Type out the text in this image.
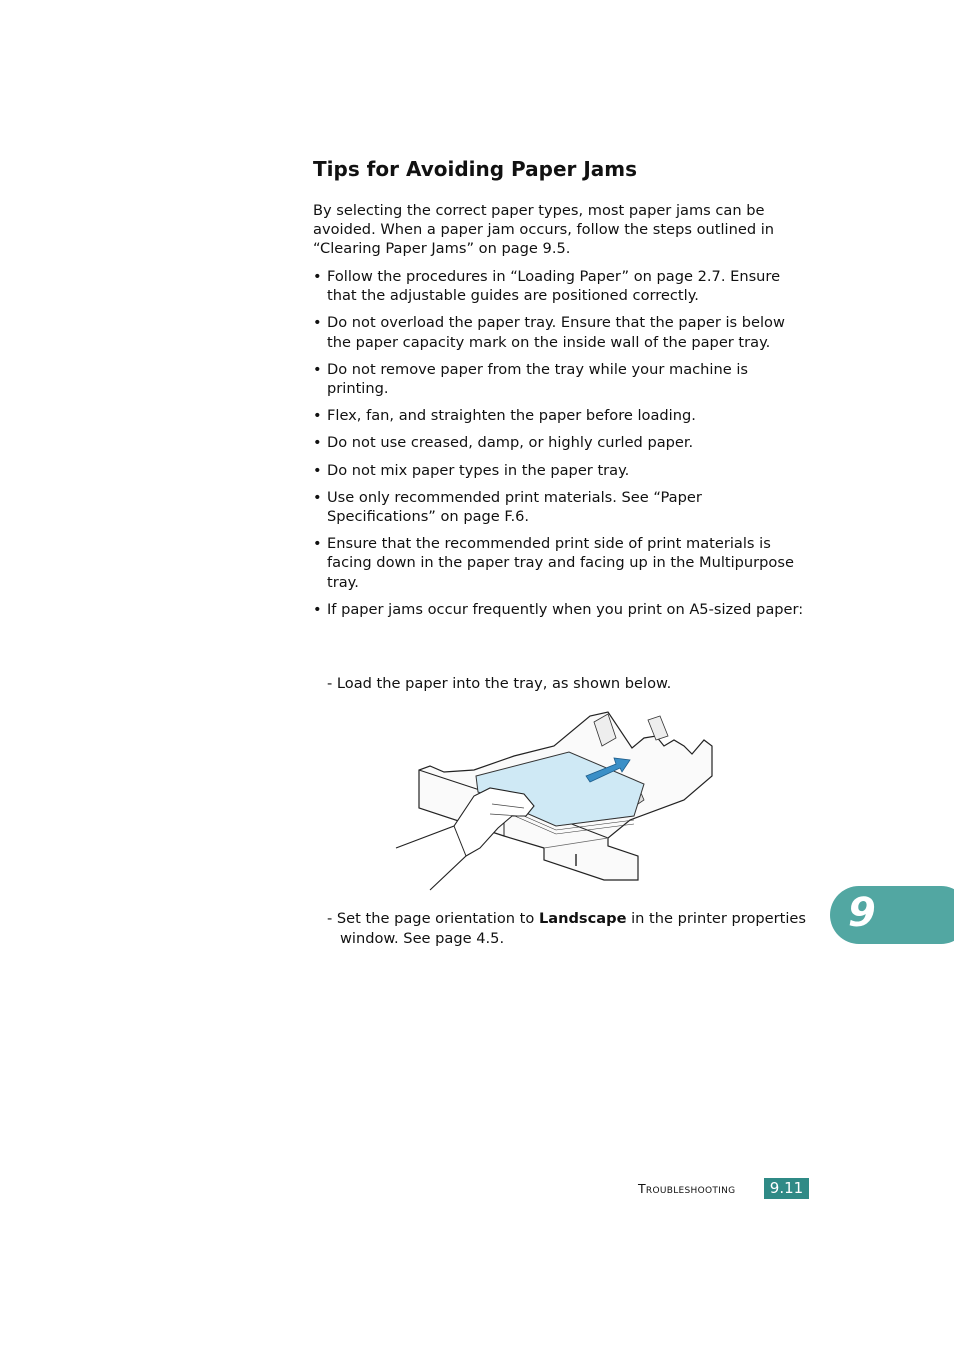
Tips for Avoiding Paper Jams

By selecting the correct paper types, most paper jams can be avoided. When a paper jam occurs, follow the steps outlined in “Clearing Paper Jams” on page 9.5.

• Follow the procedures in “Loading Paper” on page 2.7. Ensure that the adjustable guides are positioned correctly.
• Do not overload the paper tray. Ensure that the paper is below the paper capacity mark on the inside wall of the paper tray.
• Do not remove paper from the tray while your machine is printing.
• Flex, fan, and straighten the paper before loading.
• Do not use creased, damp, or highly curled paper.
• Do not mix paper types in the paper tray.
• Use only recommended print materials. See “Paper Specifications” on page F.6.
• Ensure that the recommended print side of print materials is facing down in the paper tray and facing up in the Multipurpose tray.
• If paper jams occur frequently when you print on A5-sized paper:

- Load the paper into the tray, as shown below.

- Set the page orientation to Landscape in the printer properties window. See page 4.5.

9
Troubleshooting	9.11
